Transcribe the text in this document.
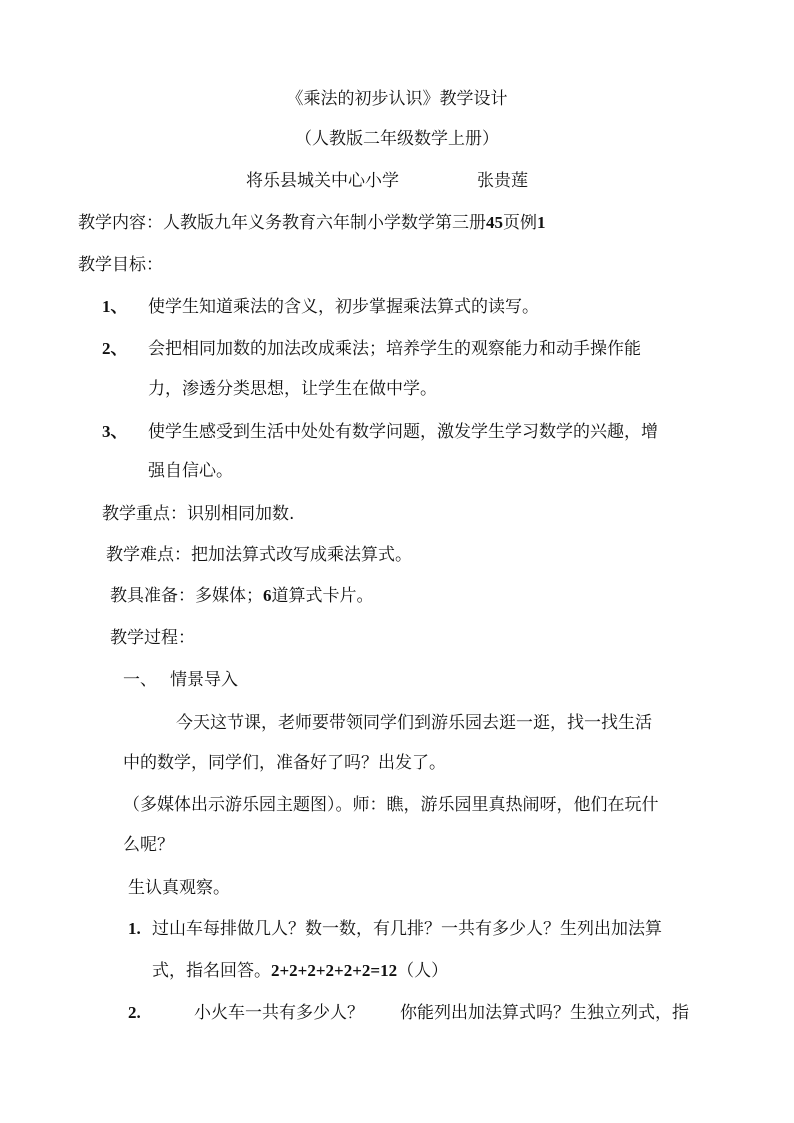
《乘法的初步认识》教学设计
（人教版二年级数学上册）
将乐县城关中心小学	张贵莲
教学内容：人教版九年义务教育六年制小学数学第三册45页例1
教学目标：
1、 使学生知道乘法的含义，初步掌握乘法算式的读写。
2、 会把相同加数的加法改成乘法；培养学生的观察能力和动手操作能
力，渗透分类思想，让学生在做中学。
3、 使学生感受到生活中处处有数学问题，激发学生学习数学的兴趣，增
强自信心。
教学重点：识别相同加数.
教学难点：把加法算式改写成乘法算式。
教具准备：多媒体；6道算式卡片。
教学过程：
一、 情景导入
今天这节课，老师要带领同学们到游乐园去逛一逛，找一找生活
中的数学，同学们，准备好了吗？出发了。
（多媒体出示游乐园主题图）。师：瞧，游乐园里真热闹呀，他们在玩什
么呢？
生认真观察。
1. 过山车每排做几人？数一数，有几排？一共有多少人？生列出加法算
式，指名回答。2+2+2+2+2+2=12（人）
2.	小火车一共有多少人？ 你能列出加法算式吗？生独立列式，指
